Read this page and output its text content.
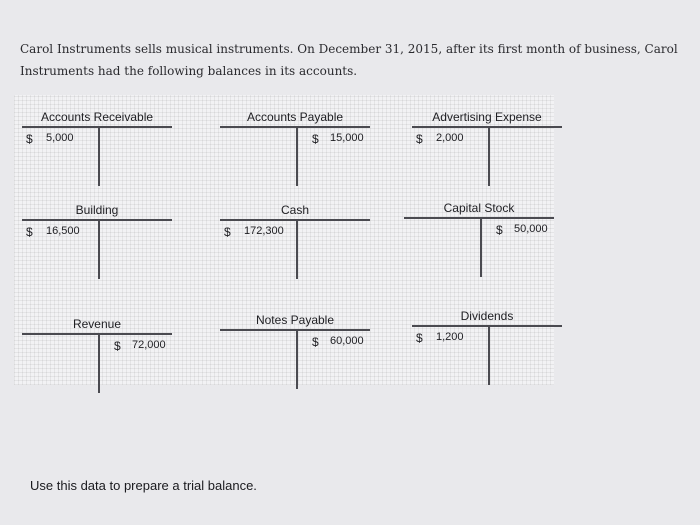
Carol Instruments sells musical instruments. On December 31, 2015, after its first month of business, Carol Instruments had the following balances in its accounts.

Accounts Receivable
$ 5,000
Accounts Payable
$ 15,000
Advertising Expense
$ 2,000
Building
$ 16,500
Cash
$ 172,300
Capital Stock
$ 50,000
Revenue
$ 72,000
Notes Payable
$ 60,000
Dividends
$ 1,200
Use this data to prepare a trial balance.
